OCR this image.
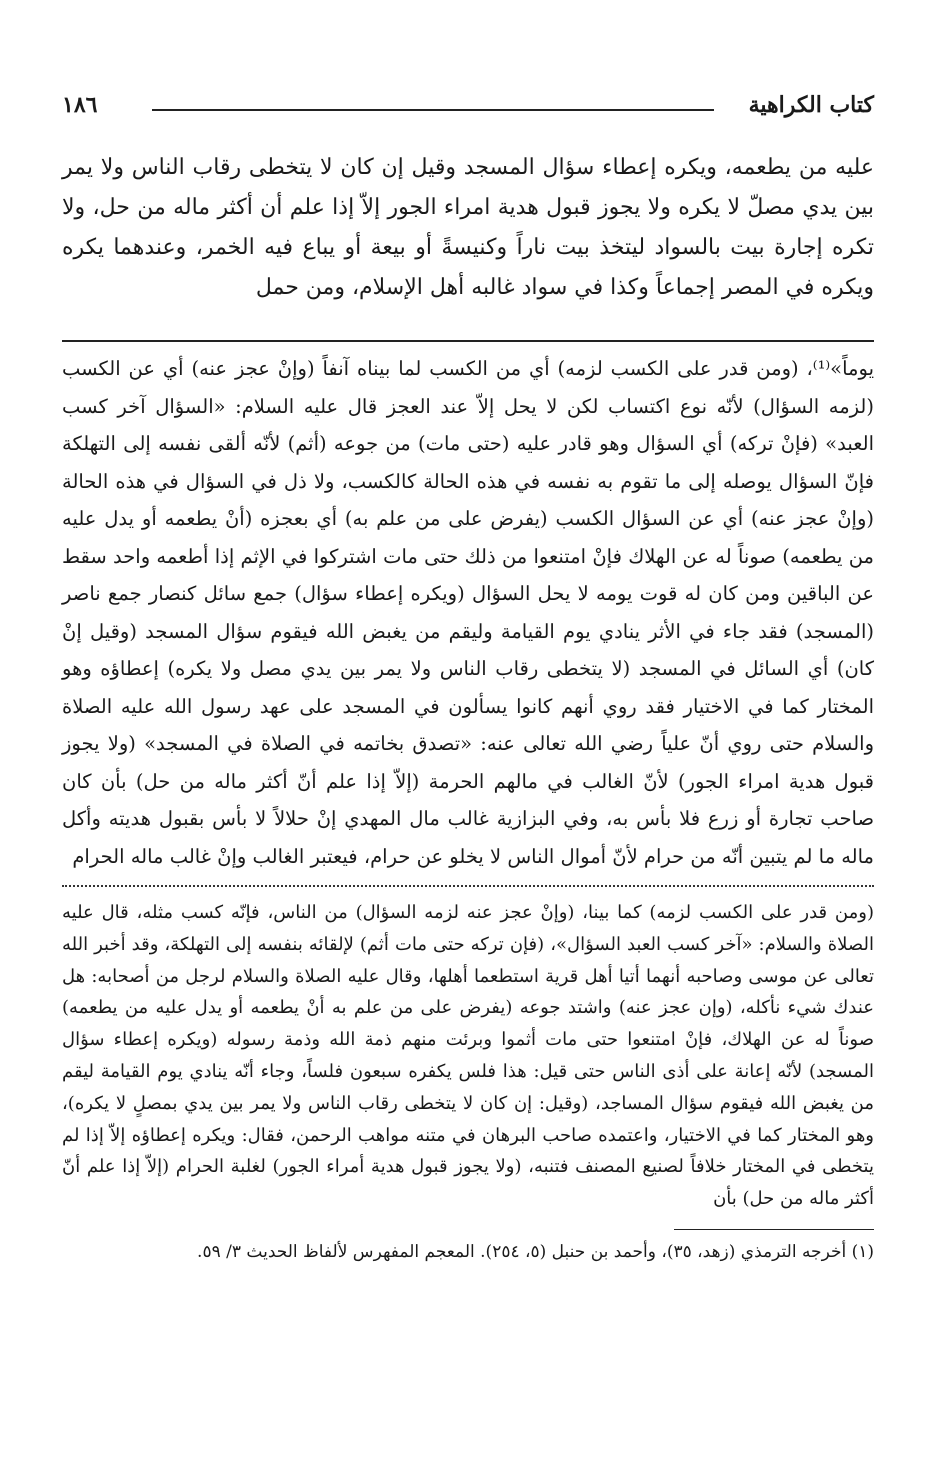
كتاب الكراهية
١٨٦

عليه من يطعمه، ويكره إعطاء سؤال المسجد وقيل إن كان لا يتخطى رقاب الناس ولا يمر بين يدي مصلّ لا يكره ولا يجوز قبول هدية امراء الجور إلاّ إذا علم أن أكثر ماله من حل، ولا تكره إجارة بيت بالسواد ليتخذ بيت ناراً وكنيسةً أو بيعة أو يباع فيه الخمر، وعندهما يكره ويكره في المصر إجماعاً وكذا في سواد غالبه أهل الإسلام، ومن حمل

يوماً»⁽¹⁾، (ومن قدر على الكسب لزمه) أي من الكسب لما بيناه آنفاً (وإنْ عجز عنه) أي عن الكسب (لزمه السؤال) لأنّه نوع اكتساب لكن لا يحل إلاّ عند العجز قال عليه السلام: «السؤال آخر كسب العبد» (فإنْ تركه) أي السؤال وهو قادر عليه (حتى مات) من جوعه (أثم) لأنّه ألقى نفسه إلى التهلكة فإنّ السؤال يوصله إلى ما تقوم به نفسه في هذه الحالة كالكسب، ولا ذل في السؤال في هذه الحالة (وإنْ عجز عنه) أي عن السؤال الكسب (يفرض على من علم به) أي بعجزه (أنْ يطعمه أو يدل عليه من يطعمه) صوناً له عن الهلاك فإنْ امتنعوا من ذلك حتى مات اشتركوا في الإثم إذا أطعمه واحد سقط عن الباقين ومن كان له قوت يومه لا يحل السؤال (ويكره إعطاء سؤال) جمع سائل كنصار جمع ناصر (المسجد) فقد جاء في الأثر ينادي يوم القيامة وليقم من يغبض الله فيقوم سؤال المسجد (وقيل إنْ كان) أي السائل في المسجد (لا يتخطى رقاب الناس ولا يمر بين يدي مصل ولا يكره) إعطاؤه وهو المختار كما في الاختيار فقد روي أنهم كانوا يسألون في المسجد على عهد رسول الله عليه الصلاة والسلام حتى روي أنّ علياً رضي الله تعالى عنه: «تصدق بخاتمه في الصلاة في المسجد» (ولا يجوز قبول هدية امراء الجور) لأنّ الغالب في مالهم الحرمة (إلاّ إذا علم أنّ أكثر ماله من حل) بأن كان صاحب تجارة أو زرع فلا بأس به، وفي البزازية غالب مال المهدي إنْ حلالاً لا بأس بقبول هديته وأكل ماله ما لم يتبين أنّه من حرام لأنّ أموال الناس لا يخلو عن حرام، فيعتبر الغالب وإنْ غالب ماله الحرام

(ومن قدر على الكسب لزمه) كما بينا، (وإنْ عجز عنه لزمه السؤال) من الناس، فإنّه كسب مثله، قال عليه الصلاة والسلام: «آخر كسب العبد السؤال»، (فإن تركه حتى مات أثم) لإلقائه بنفسه إلى التهلكة، وقد أخبر الله تعالى عن موسى وصاحبه أنهما أتيا أهل قرية استطعما أهلها، وقال عليه الصلاة والسلام لرجل من أصحابه: هل عندك شيء نأكله، (وإن عجز عنه) واشتد جوعه (يفرض على من علم به أنْ يطعمه أو يدل عليه من يطعمه) صوناً له عن الهلاك، فإنْ امتنعوا حتى مات أثموا وبرئت منهم ذمة الله وذمة رسوله (ويكره إعطاء سؤال المسجد) لأنّه إعانة على أذى الناس حتى قيل: هذا فلس يكفره سبعون فلساً، وجاء أنّه ينادي يوم القيامة ليقم من يغبض الله فيقوم سؤال المساجد، (وقيل: إن كان لا يتخطى رقاب الناس ولا يمر بين يدي بمصلٍ لا يكره)، وهو المختار كما في الاختيار، واعتمده صاحب البرهان في متنه مواهب الرحمن، فقال: ويكره إعطاؤه إلاّ إذا لم يتخطى في المختار خلافاً لصنيع المصنف فتنبه، (ولا يجوز قبول هدية أمراء الجور) لغلبة الحرام (إلاّ إذا علم أنّ أكثر ماله من حل) بأن

(١) أخرجه الترمذي (زهد، ٣٥)، وأحمد بن حنبل (٥، ٢٥٤). المعجم المفهرس لألفاظ الحديث ٣/ ٥٩.
